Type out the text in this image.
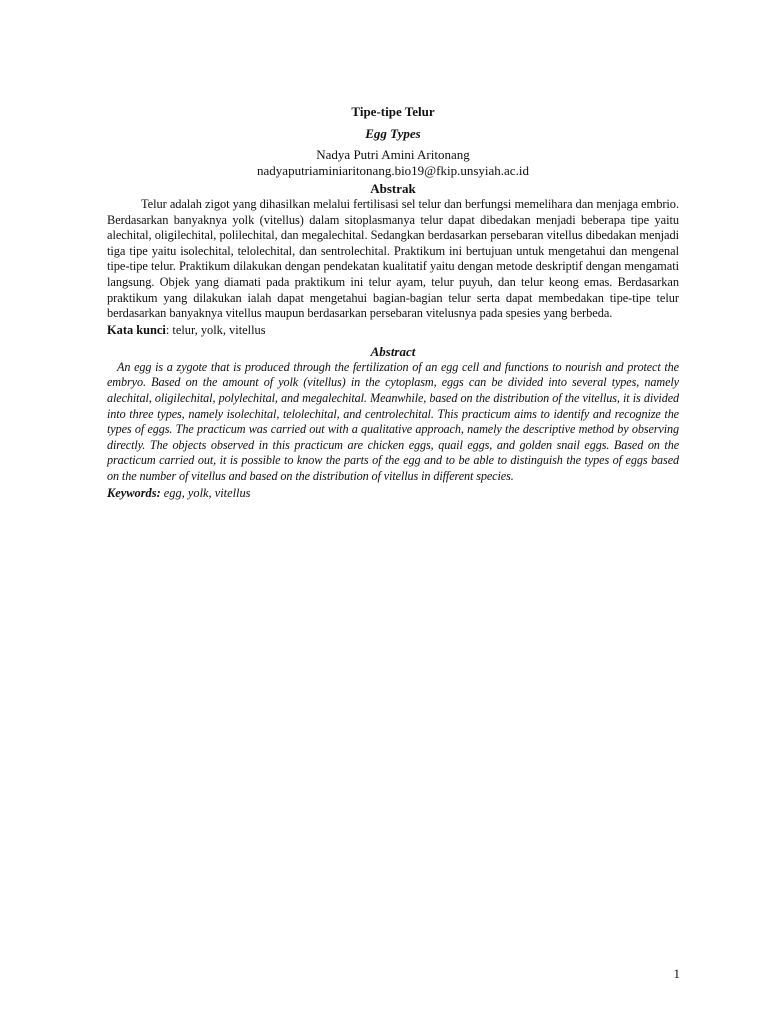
Tipe-tipe Telur
Egg Types
Nadya Putri Amini Aritonang
nadyaputriaminiaritonang.bio19@fkip.unsyiah.ac.id
Abstrak

Telur adalah zigot yang dihasilkan melalui fertilisasi sel telur dan berfungsi memelihara dan menjaga embrio. Berdasarkan banyaknya yolk (vitellus) dalam sitoplasmanya telur dapat dibedakan menjadi beberapa tipe yaitu alechital, oligilechital, polilechital, dan megalechital. Sedangkan berdasarkan persebaran vitellus dibedakan menjadi tiga tipe yaitu isolechital, telolechital, dan sentrolechital. Praktikum ini bertujuan untuk mengetahui dan mengenal tipe-tipe telur. Praktikum dilakukan dengan pendekatan kualitatif yaitu dengan metode deskriptif dengan mengamati langsung. Objek yang diamati pada praktikum ini telur ayam, telur puyuh, dan telur keong emas. Berdasarkan praktikum yang dilakukan ialah dapat mengetahui bagian-bagian telur serta dapat membedakan tipe-tipe telur berdasarkan banyaknya vitellus maupun berdasarkan persebaran vitelusnya pada spesies yang berbeda.

Kata kunci: telur, yolk, vitellus

Abstract

An egg is a zygote that is produced through the fertilization of an egg cell and functions to nourish and protect the embryo. Based on the amount of yolk (vitellus) in the cytoplasm, eggs can be divided into several types, namely alechital, oligilechital, polylechital, and megalechital. Meanwhile, based on the distribution of the vitellus, it is divided into three types, namely isolechital, telolechital, and centrolechital. This practicum aims to identify and recognize the types of eggs. The practicum was carried out with a qualitative approach, namely the descriptive method by observing directly. The objects observed in this practicum are chicken eggs, quail eggs, and golden snail eggs. Based on the practicum carried out, it is possible to know the parts of the egg and to be able to distinguish the types of eggs based on the number of vitellus and based on the distribution of vitellus in different species.

Keywords: egg, yolk, vitellus

1
